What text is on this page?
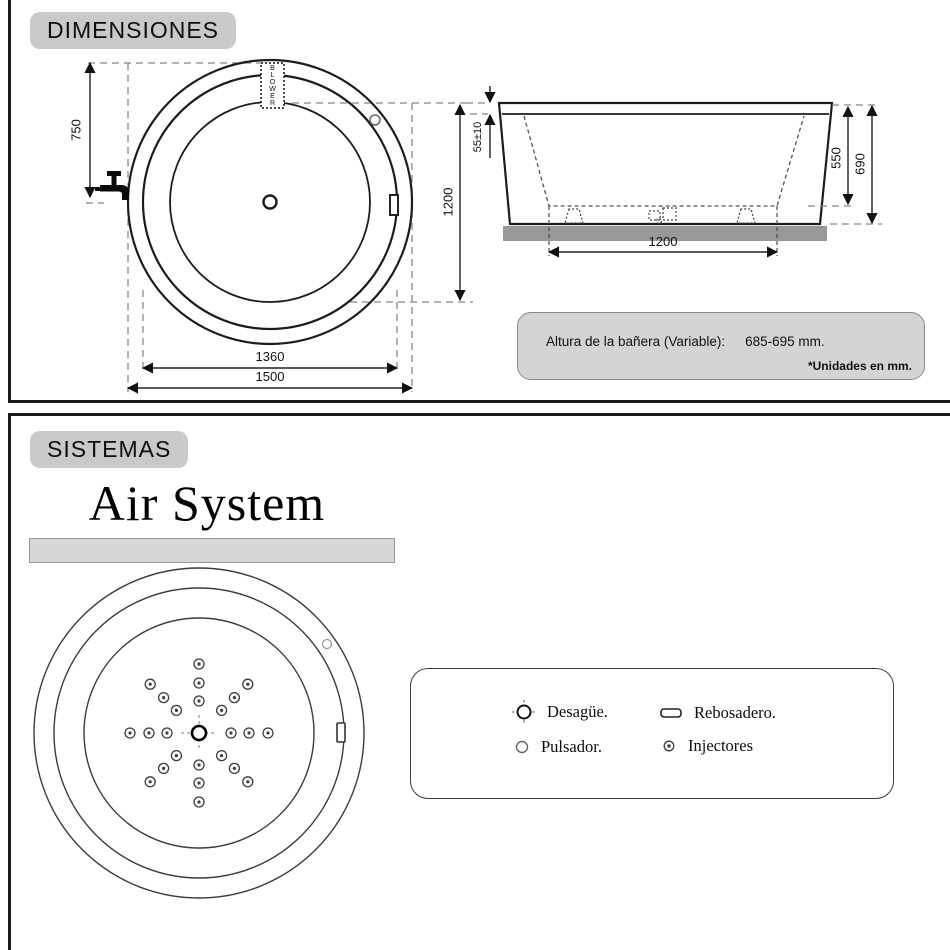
DIMENSIONES
SISTEMAS
750
1200
1360
1500
BLOWER
55±10
550 690
1200
Altura de la bañera (Variable): 685-695 mm.
*Unidades en mm.
Air System
Desagüe.	Rebosadero.
Pulsador.	Injectores
